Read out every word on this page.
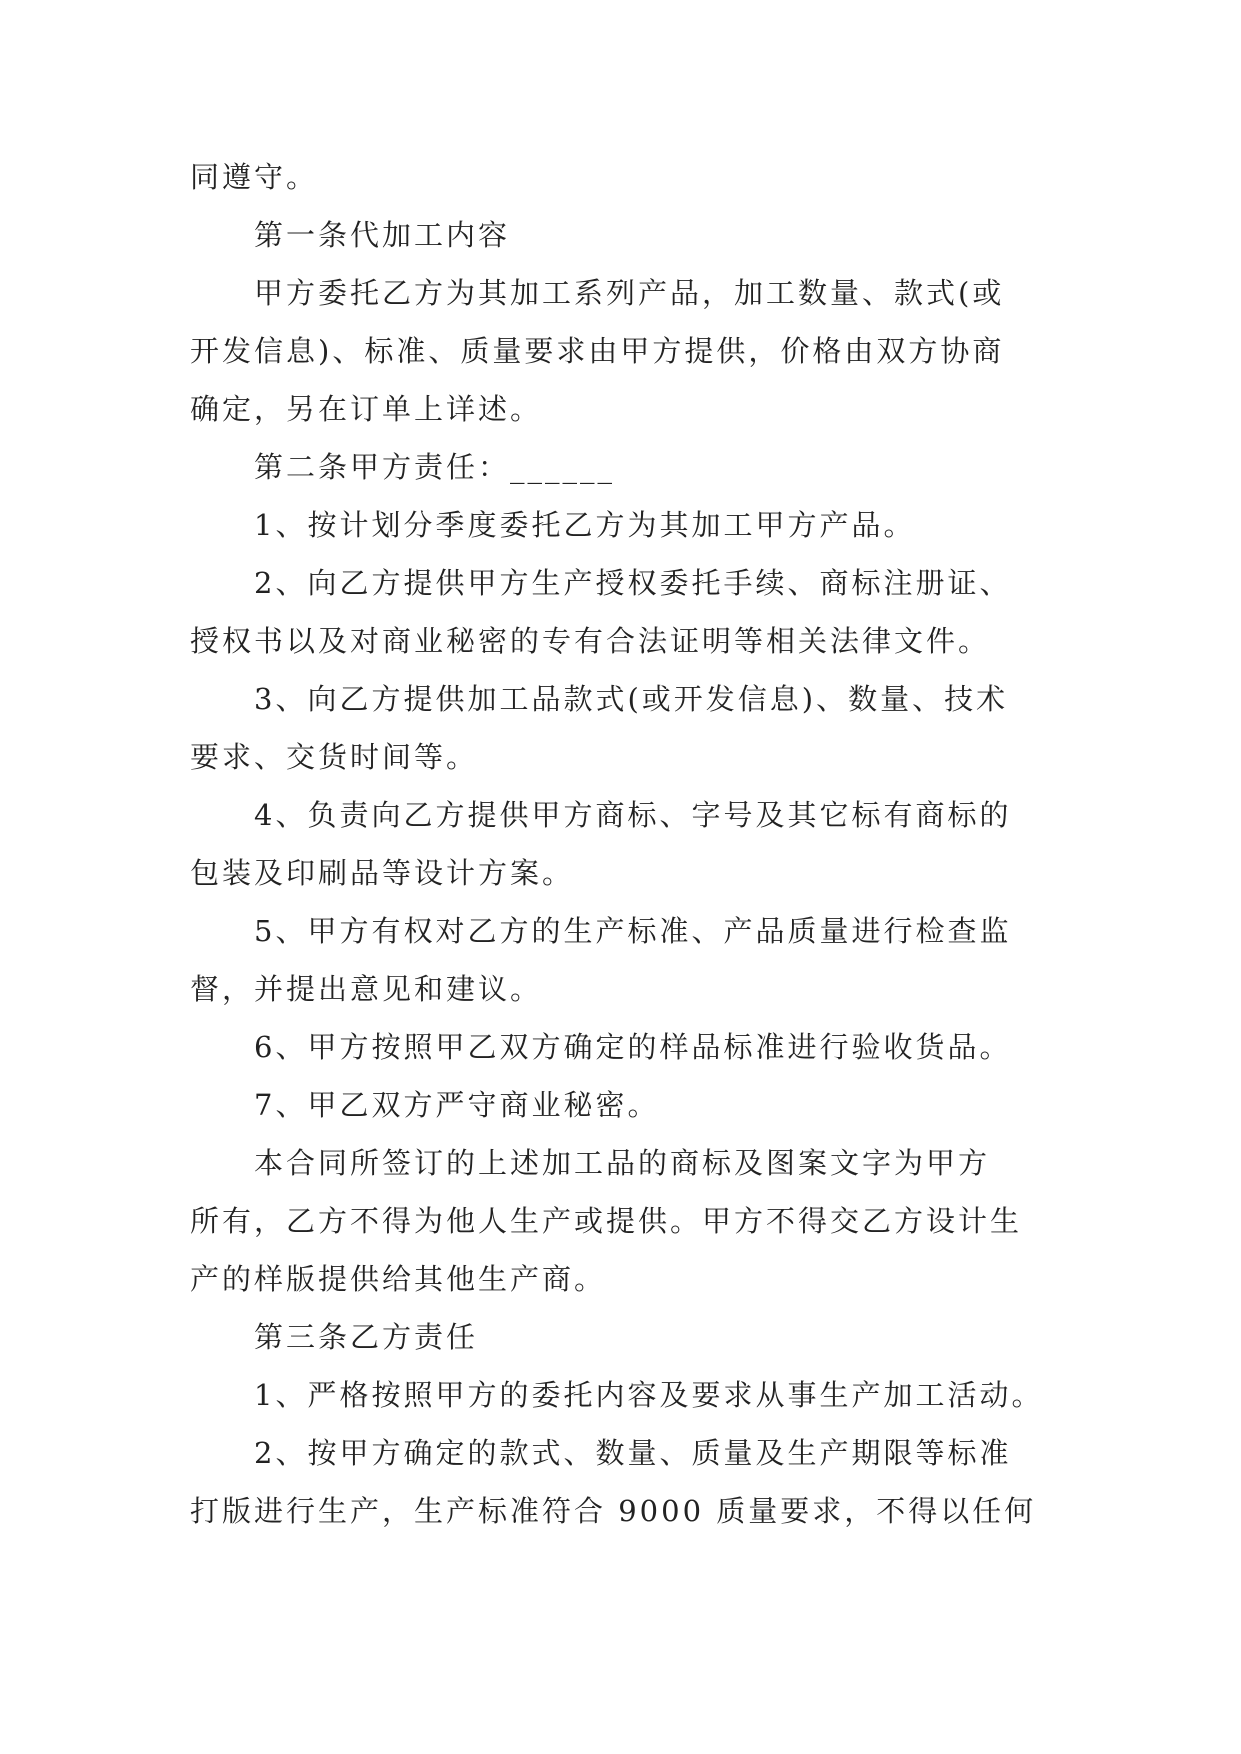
同遵守。

第一条代加工内容

甲方委托乙方为其加工系列产品，加工数量、款式(或

开发信息)、标准、质量要求由甲方提供，价格由双方协商

确定，另在订单上详述。

第二条甲方责任：______

1、按计划分季度委托乙方为其加工甲方产品。

2、向乙方提供甲方生产授权委托手续、商标注册证、

授权书以及对商业秘密的专有合法证明等相关法律文件。

3、向乙方提供加工品款式(或开发信息)、数量、技术

要求、交货时间等。

4、负责向乙方提供甲方商标、字号及其它标有商标的

包装及印刷品等设计方案。

5、甲方有权对乙方的生产标准、产品质量进行检查监

督，并提出意见和建议。

6、甲方按照甲乙双方确定的样品标准进行验收货品。

7、甲乙双方严守商业秘密。

本合同所签订的上述加工品的商标及图案文字为甲方

所有，乙方不得为他人生产或提供。甲方不得交乙方设计生

产的样版提供给其他生产商。

第三条乙方责任

1、严格按照甲方的委托内容及要求从事生产加工活动。

2、按甲方确定的款式、数量、质量及生产期限等标准

打版进行生产，生产标准符合 9000 质量要求，不得以任何
